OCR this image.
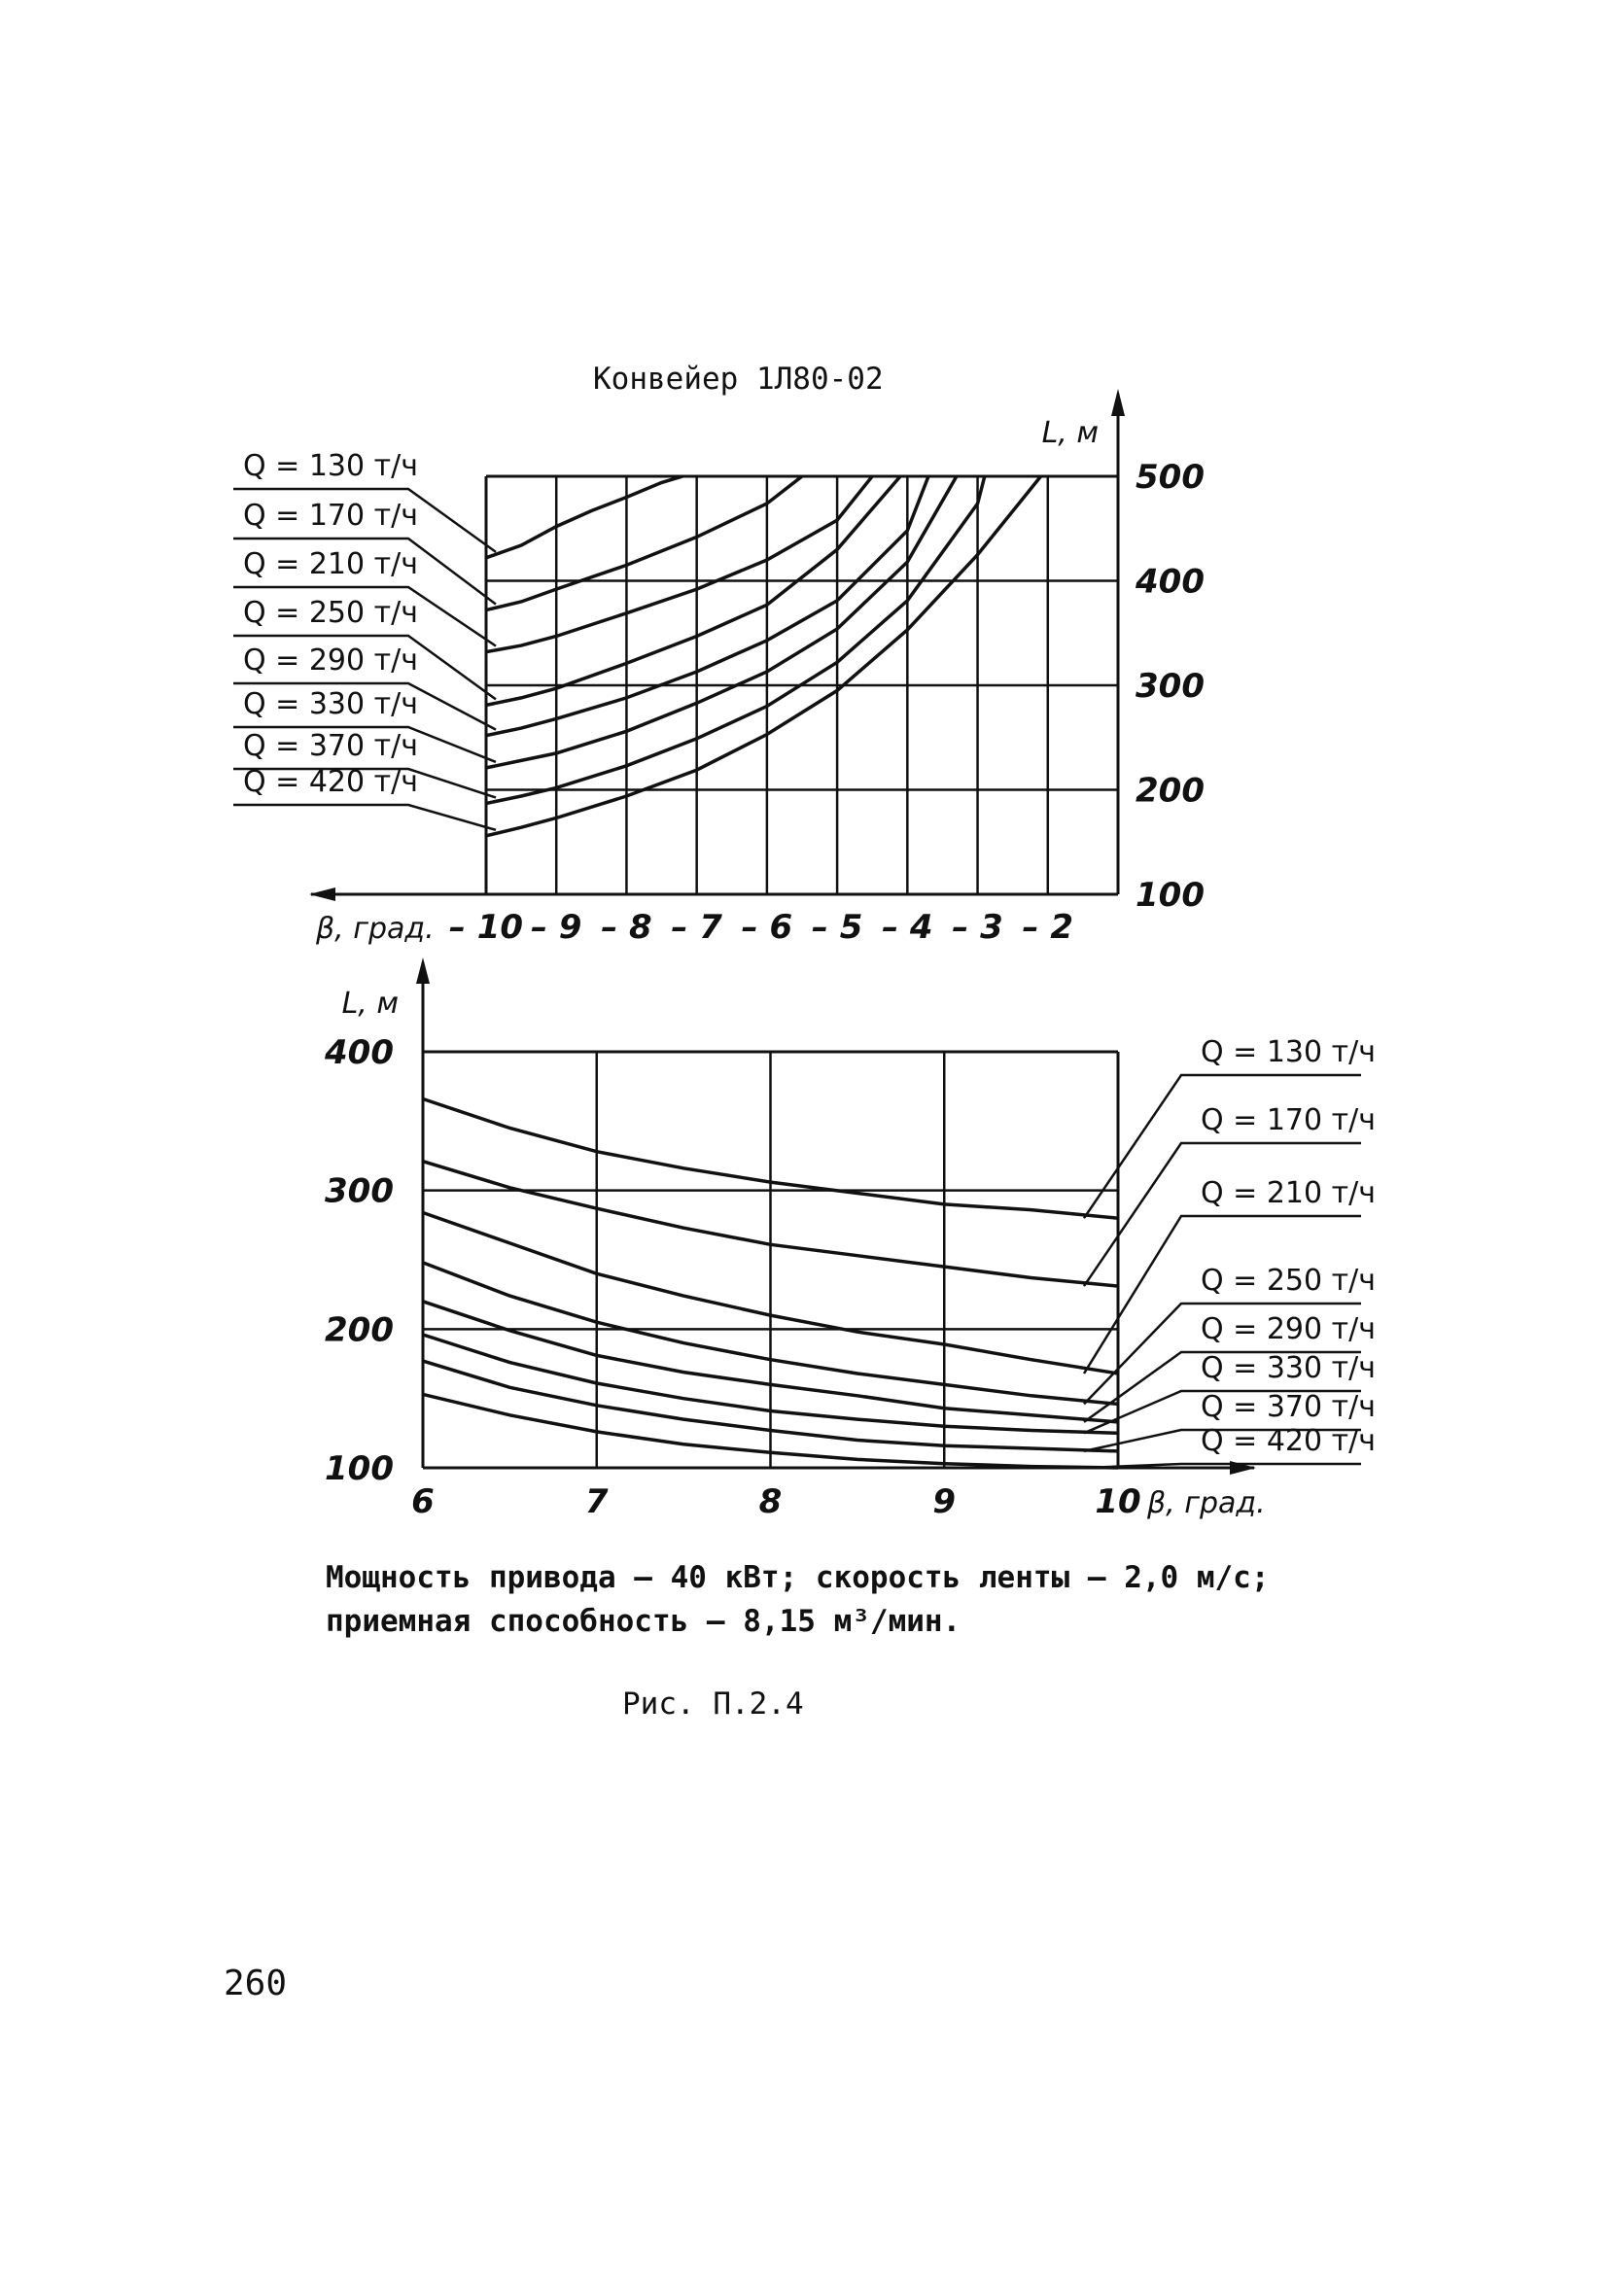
Конвейер 1Л80-02
500
400
300
200
100
– 10 – 9 – 8 – 7 – 6 – 5 – 4 – 3 – 2
β, град.
L, м
Q = 130 т/ч
Q = 170 т/ч
Q = 210 т/ч
Q = 250 т/ч
Q = 290 т/ч
Q = 330 т/ч
Q = 370 т/ч
Q = 420 т/ч
400
300
200
100
6	7	8	9	10 β, град.
L, м
Q = 130 т/ч
Q = 170 т/ч
Q = 210 т/ч
Q = 250 т/ч
Q = 290 т/ч
Q = 330 т/ч
Q = 370 т/ч
Q = 420 т/ч
Мощность привода – 40 кВт; скорость ленты – 2,0 м/с;
приемная способность – 8,15 м³/мин.
Рис. П.2.4
260
